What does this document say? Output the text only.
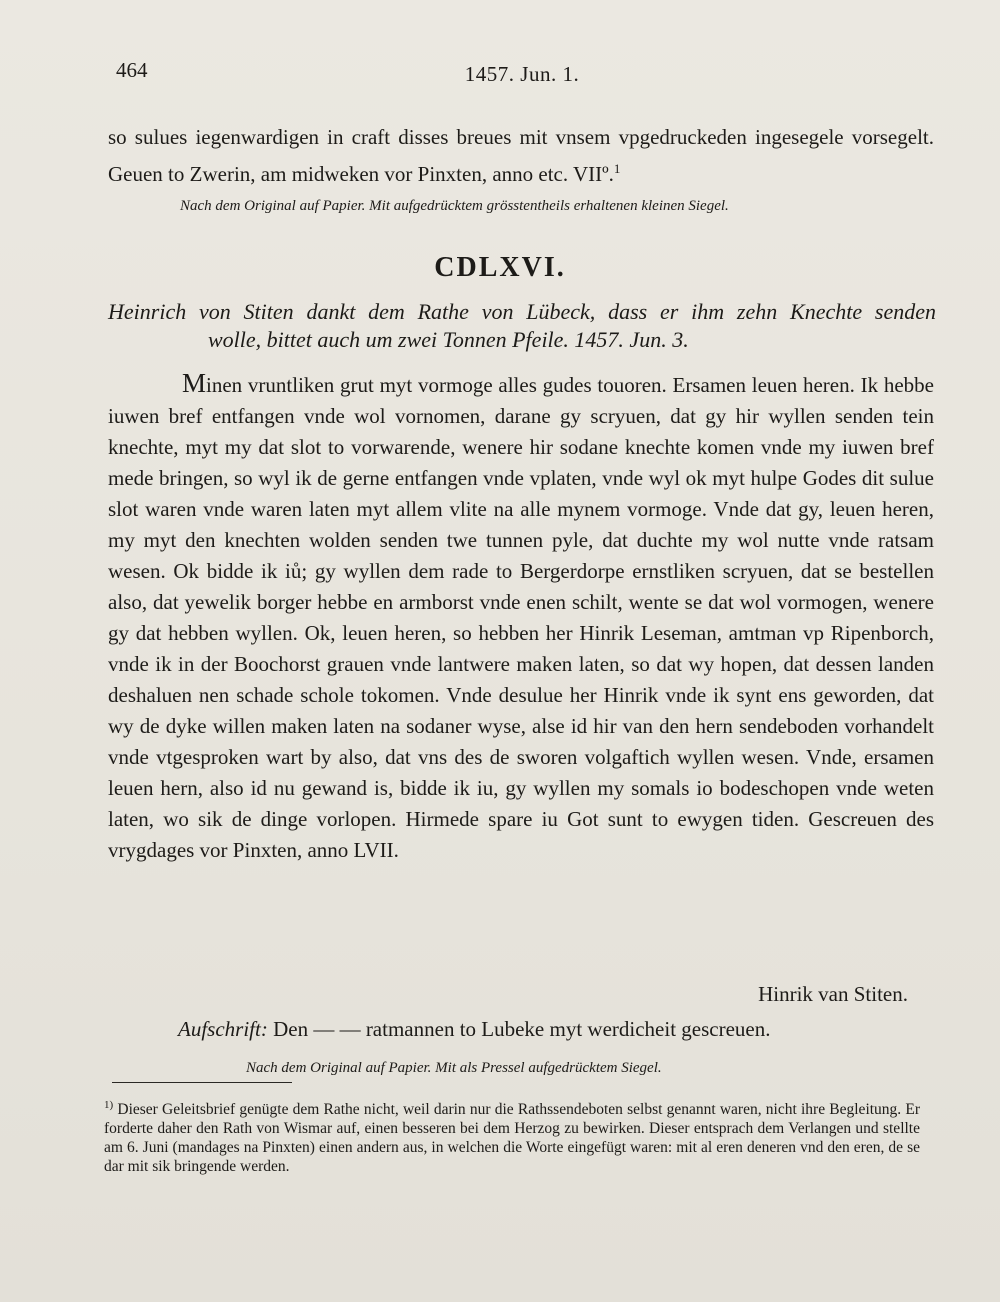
464	1457. Jun. 1.
so sulues iegenwardigen in craft disses breues mit vnsem vpgedruckeden ingesegele vorsegelt. Geuen to Zwerin, am midweken vor Pinxten, anno etc. VIIº.$^1$
Nach dem Original auf Papier. Mit aufgedrücktem grösstentheils erhaltenen kleinen Siegel.
CDLXVI.
Heinrich von Stiten dankt dem Rathe von Lübeck, dass er ihm zehn Knechte senden
wolle, bittet auch um zwei Tonnen Pfeile. 1457. Jun. 3.

Minen vruntliken grut myt vormoge alles gudes touoren. Ersamen leuen heren. Ik hebbe iuwen bref entfangen vnde wol vornomen, darane gy scryuen, dat gy hir wyllen senden tein knechte, myt my dat slot to vorwarende, wenere hir sodane knechte komen vnde my iuwen bref mede bringen, so wyl ik de gerne entfangen vnde vplaten, vnde wyl ok myt hulpe Godes dit sulue slot waren vnde waren laten myt allem vlite na alle mynem vormoge. Vnde dat gy, leuen heren, my myt den knechten wolden senden twe tunnen pyle, dat duchte my wol nutte vnde ratsam wesen. Ok bidde ik iů; gy wyllen dem rade to Bergerdorpe ernstliken scryuen, dat se bestellen also, dat yewelik borger hebbe en armborst vnde enen schilt, wente se dat wol vormogen, wenere gy dat hebben wyllen. Ok, leuen heren, so hebben her Hinrik Leseman, amtman vp Ripenborch, vnde ik in der Boochorst grauen vnde lantwere maken laten, so dat wy hopen, dat dessen landen deshaluen nen schade schole tokomen. Vnde desulue her Hinrik vnde ik synt ens geworden, dat wy de dyke willen maken laten na sodaner wyse, alse id hir van den hern sendeboden vorhandelt vnde vtgesproken wart by also, dat vns des de sworen volgaftich wyllen wesen. Vnde, ersamen leuen hern, also id nu gewand is, bidde ik iu, gy wyllen my somals io bodeschopen vnde weten laten, wo sik de dinge vorlopen. Hirmede spare iu Got sunt to ewygen tiden. Gescreuen des vrygdages vor Pinxten, anno LVII.

Hinrik van Stiten.
Aufschrift: Den — — ratmannen to Lubeke myt werdicheit gescreuen.
Nach dem Original auf Papier. Mit als Pressel aufgedrücktem Siegel.
$^{1)}$ Dieser Geleitsbrief genügte dem Rathe nicht, weil darin nur die Rathssendeboten selbst genannt waren, nicht ihre Begleitung. Er forderte daher den Rath von Wismar auf, einen besseren bei dem Herzog zu bewirken. Dieser entsprach dem Verlangen und stellte am 6. Juni (mandages na Pinxten) einen andern aus, in welchen die Worte eingefügt waren: mit al eren deneren vnd den eren, de se dar mit sik bringende werden.
